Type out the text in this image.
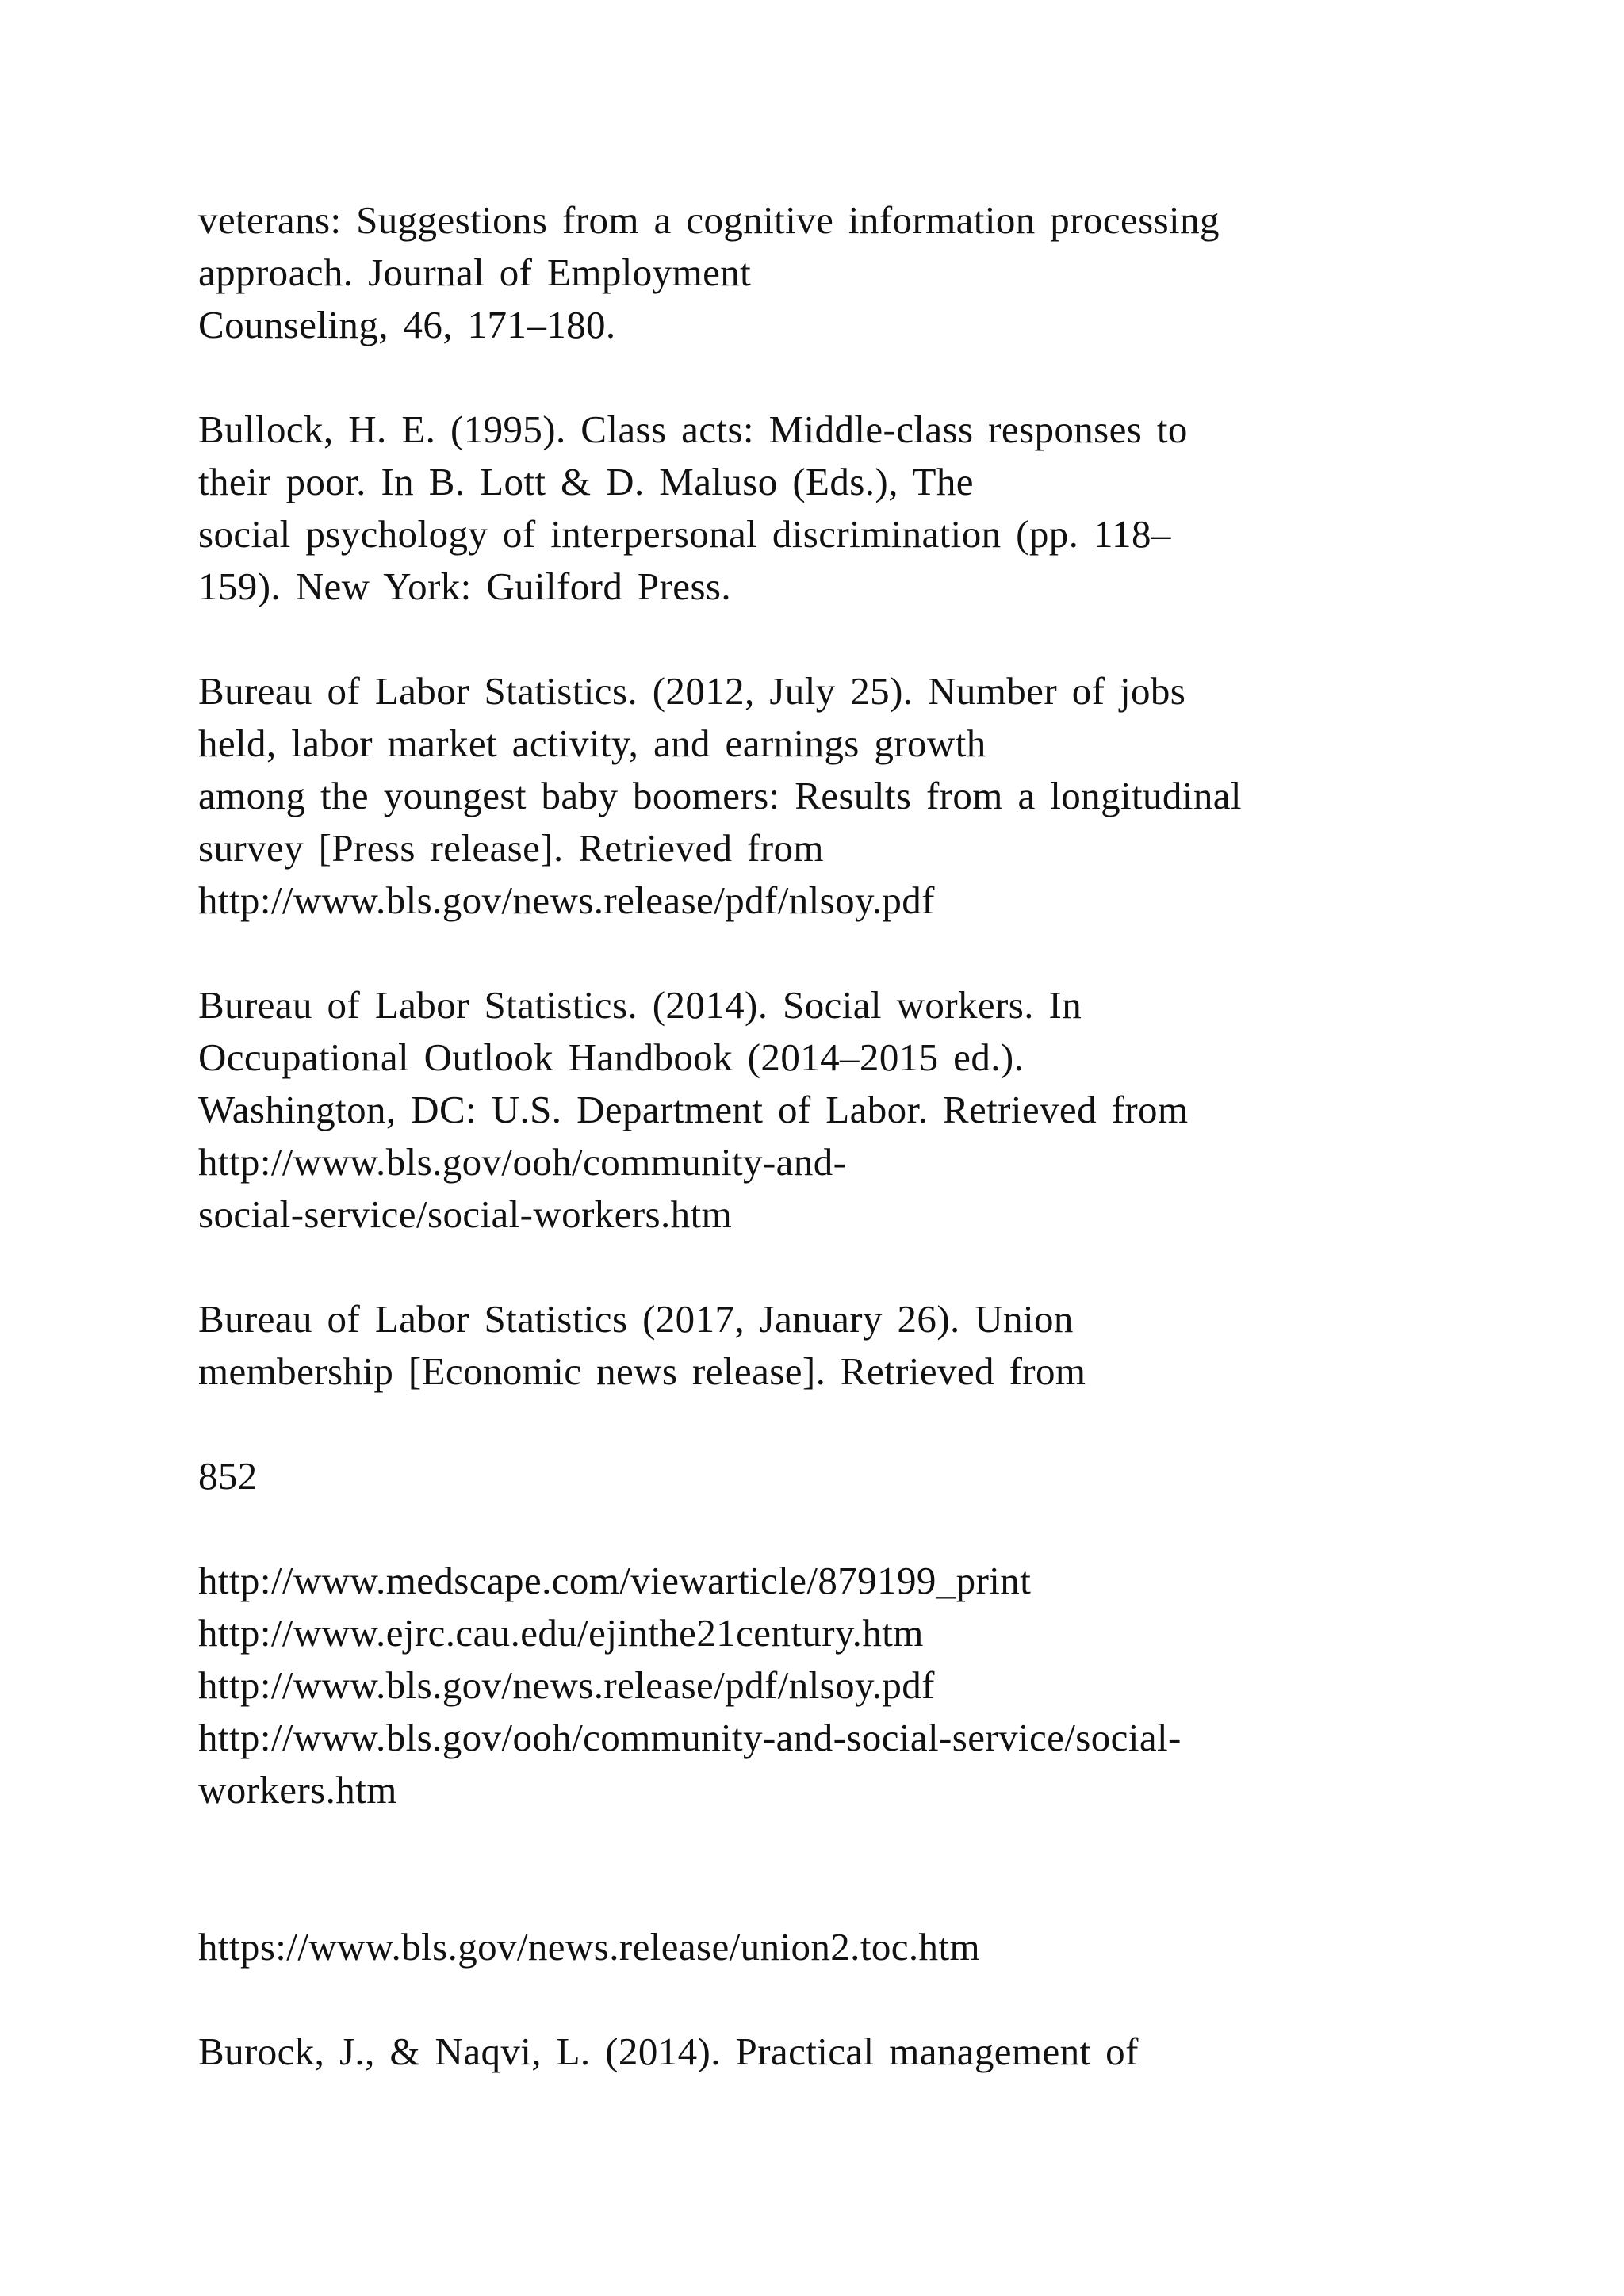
veterans: Suggestions from a cognitive information processing
approach. Journal of Employment
Counseling, 46, 171–180.
Bullock, H. E. (1995). Class acts: Middle-class responses to
their poor. In B. Lott & D. Maluso (Eds.), The
social psychology of interpersonal discrimination (pp. 118–
159). New York: Guilford Press.
Bureau of Labor Statistics. (2012, July 25). Number of jobs
held, labor market activity, and earnings growth
among the youngest baby boomers: Results from a longitudinal
survey [Press release]. Retrieved from
http://www.bls.gov/news.release/pdf/nlsoy.pdf
Bureau of Labor Statistics. (2014). Social workers. In
Occupational Outlook Handbook (2014–2015 ed.).
Washington, DC: U.S. Department of Labor. Retrieved from
http://www.bls.gov/ooh/community-and-
social-service/social-workers.htm
Bureau of Labor Statistics (2017, January 26). Union
membership [Economic news release]. Retrieved from
852
http://www.medscape.com/viewarticle/879199_print
http://www.ejrc.cau.edu/ejinthe21century.htm
http://www.bls.gov/news.release/pdf/nlsoy.pdf
http://www.bls.gov/ooh/community-and-social-service/social-
workers.htm
https://www.bls.gov/news.release/union2.toc.htm
Burock, J., & Naqvi, L. (2014). Practical management of
